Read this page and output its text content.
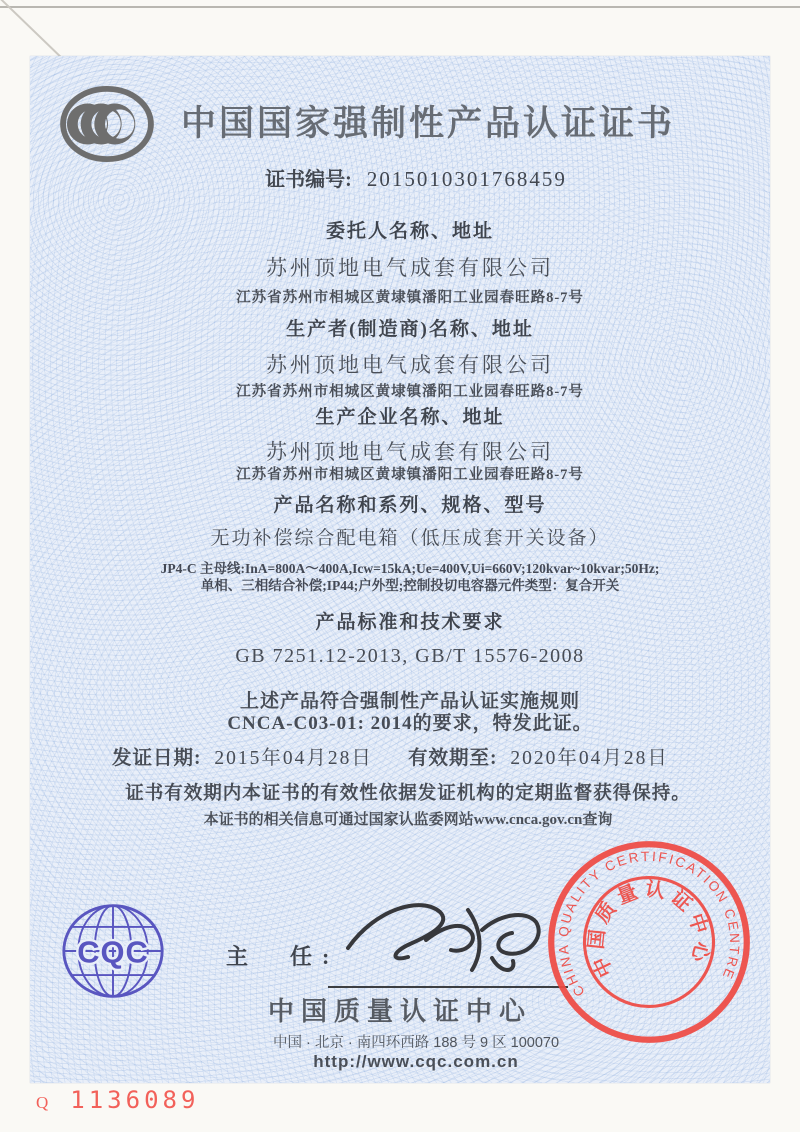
中国国家强制性产品认证证书
证书编号: 2015010301768459
委托人名称、地址
苏州顶地电气成套有限公司
江苏省苏州市相城区黄埭镇潘阳工业园春旺路8-7号
生产者(制造商)名称、地址
苏州顶地电气成套有限公司
江苏省苏州市相城区黄埭镇潘阳工业园春旺路8-7号
生产企业名称、地址
苏州顶地电气成套有限公司
江苏省苏州市相城区黄埭镇潘阳工业园春旺路8-7号
产品名称和系列、规格、型号
无功补偿综合配电箱（低压成套开关设备）
JP4-C 主母线:InA=800A～400A,Icw=15kA;Ue=400V,Ui=660V;120kvar~10kvar;50Hz;
单相、三相结合补偿;IP44;户外型;控制投切电容器元件类型：复合开关
产品标准和技术要求
GB 7251.12-2013, GB/T 15576-2008
上述产品符合强制性产品认证实施规则
CNCA-C03-01: 2014的要求，特发此证。
发证日期: 2015年04月28日 有效期至: 2020年04月28日
证书有效期内本证书的有效性依据发证机构的定期监督获得保持。
本证书的相关信息可通过国家认监委网站www.cnca.gov.cn查询
CQC	主　任:
中国质量认证中心
中国 · 北京 · 南四环西路 188 号 9 区 100070
http://www.cqc.com.cn
CHINA QUALITY CERTIFICATION CENTRE
中国质量认证中心
Q 1136089
